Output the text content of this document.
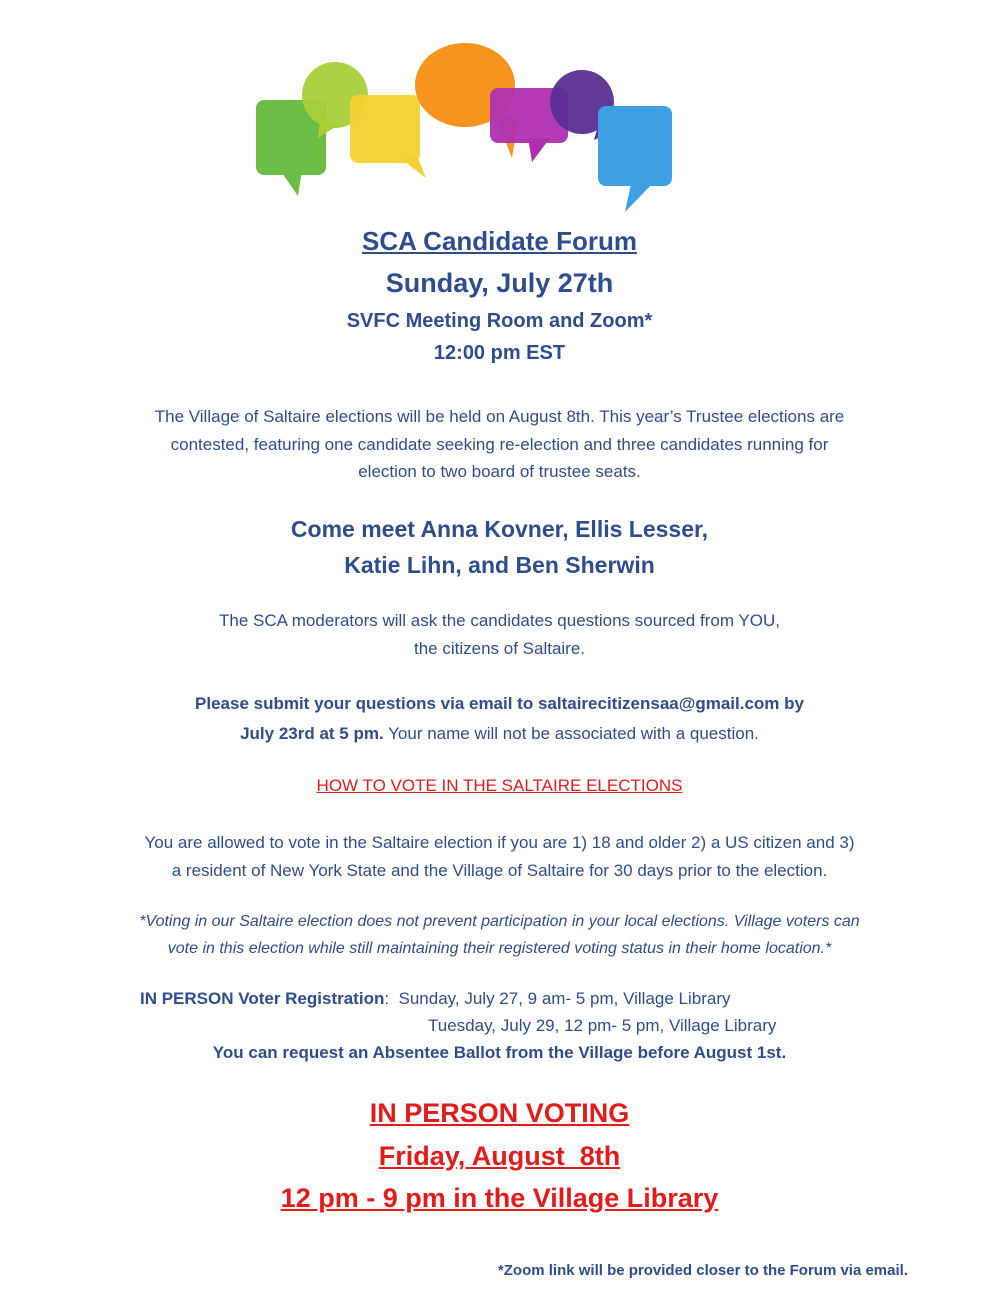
SCA Candidate Forum
Sunday, July 27th
SVFC Meeting Room and Zoom*
12:00 pm EST

The Village of Saltaire elections will be held on August 8th. This year’s Trustee elections are

contested, featuring one candidate seeking re-election and three candidates running for

election to two board of trustee seats.

Come meet Anna Kovner, Ellis Lesser,

Katie Lihn, and Ben Sherwin

The SCA moderators will ask the candidates questions sourced from YOU,

the citizens of Saltaire.

Please submit your questions via email to saltairecitizensaa@gmail.com by

July 23rd at 5 pm. Your name will not be associated with a question.

HOW TO VOTE IN THE SALTAIRE ELECTIONS

You are allowed to vote in the Saltaire election if you are 1) 18 and older 2) a US citizen and 3)

a resident of New York State and the Village of Saltaire for 30 days prior to the election.

*Voting in our Saltaire election does not prevent participation in your local elections. Village voters can

vote in this election while still maintaining their registered voting status in their home location.*

IN PERSON Voter Registration:  Sunday, July 27, 9 am- 5 pm, Village Library
Tuesday, July 29, 12 pm- 5 pm, Village Library
You can request an Absentee Ballot from the Village before August 1st.
IN PERSON VOTING
Friday, August  8th
12 pm - 9 pm in the Village Library
*Zoom link will be provided closer to the Forum via email.
